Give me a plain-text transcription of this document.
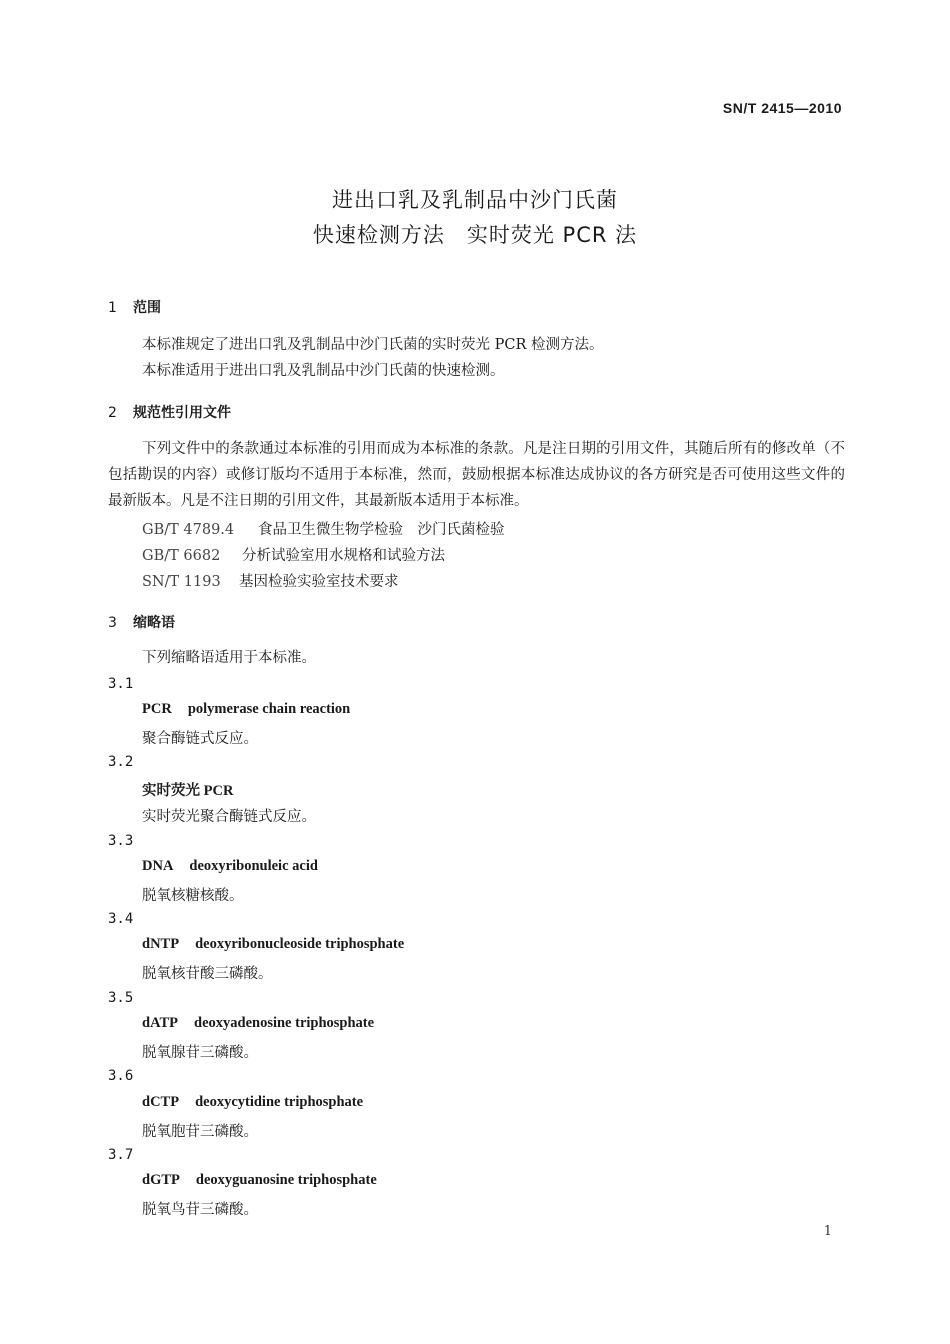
SN/T 2415—2010
进出口乳及乳制品中沙门氏菌
快速检测方法　实时荧光 PCR 法
1 范围
本标准规定了进出口乳及乳制品中沙门氏菌的实时荧光 PCR 检测方法。
本标准适用于进出口乳及乳制品中沙门氏菌的快速检测。
2 规范性引用文件
下列文件中的条款通过本标准的引用而成为本标准的条款。凡是注日期的引用文件，其随后所有的修改单（不包括勘误的内容）或修订版均不适用于本标准，然而，鼓励根据本标准达成协议的各方研究是否可使用这些文件的最新版本。凡是不注日期的引用文件，其最新版本适用于本标准。
GB/T 4789.4 食品卫生微生物学检验　沙门氏菌检验
GB/T 6682 分析试验室用水规格和试验方法
SN/T 1193 基因检验实验室技术要求
3 缩略语
下列缩略语适用于本标准。
3.1
PCR polymerase chain reaction
聚合酶链式反应。
3.2
实时荧光 PCR
实时荧光聚合酶链式反应。
3.3
DNA deoxyribonuleic acid
脱氧核糖核酸。
3.4
dNTP deoxyribonucleoside triphosphate
脱氧核苷酸三磷酸。
3.5
dATP deoxyadenosine triphosphate
脱氧腺苷三磷酸。
3.6
dCTP deoxycytidine triphosphate
脱氧胞苷三磷酸。
3.7
dGTP deoxyguanosine triphosphate
脱氧鸟苷三磷酸。
1
